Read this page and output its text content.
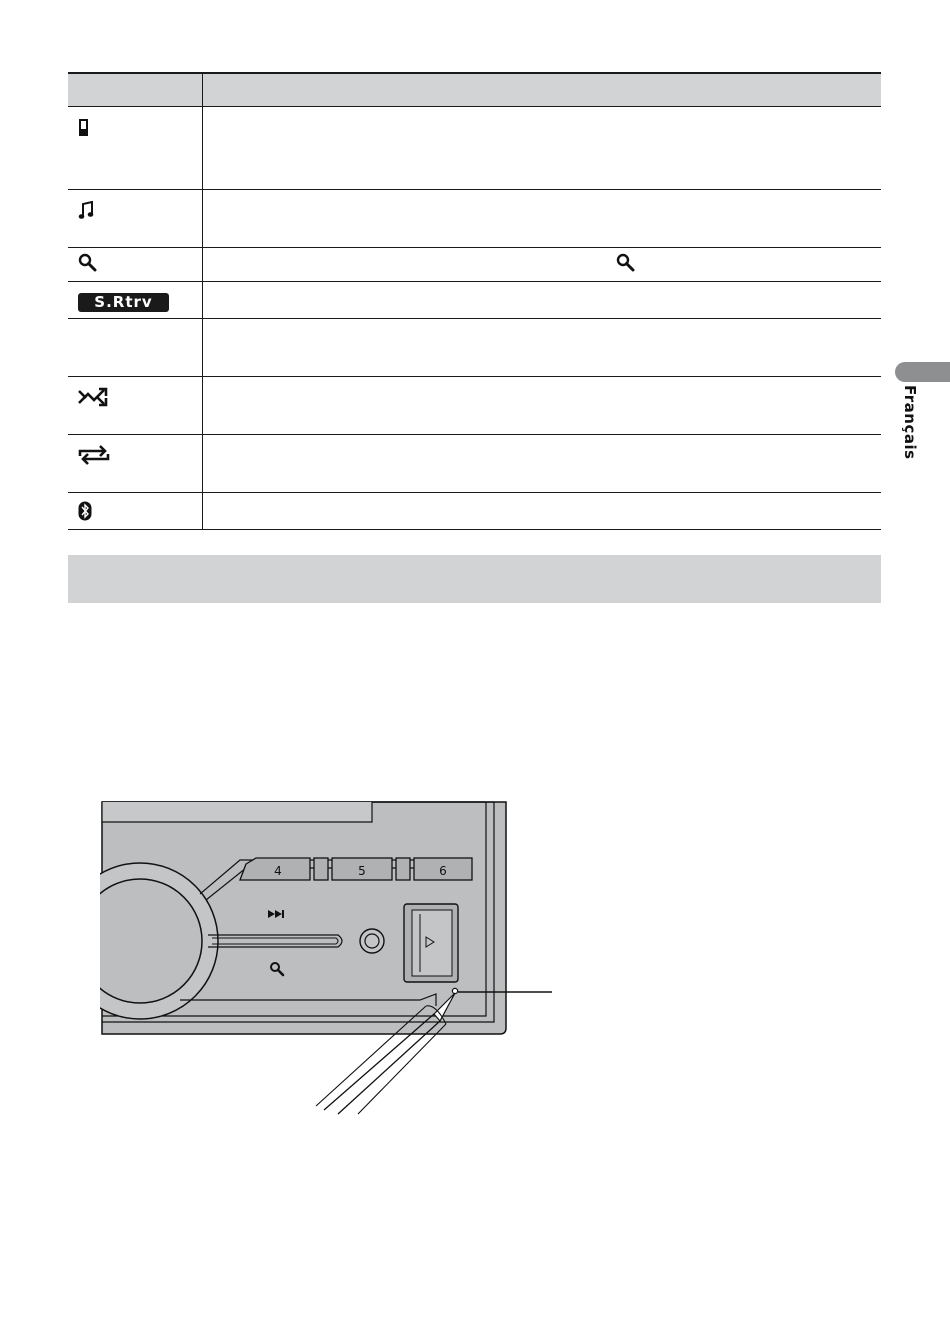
S.Rtrv
Français
4	5	6
